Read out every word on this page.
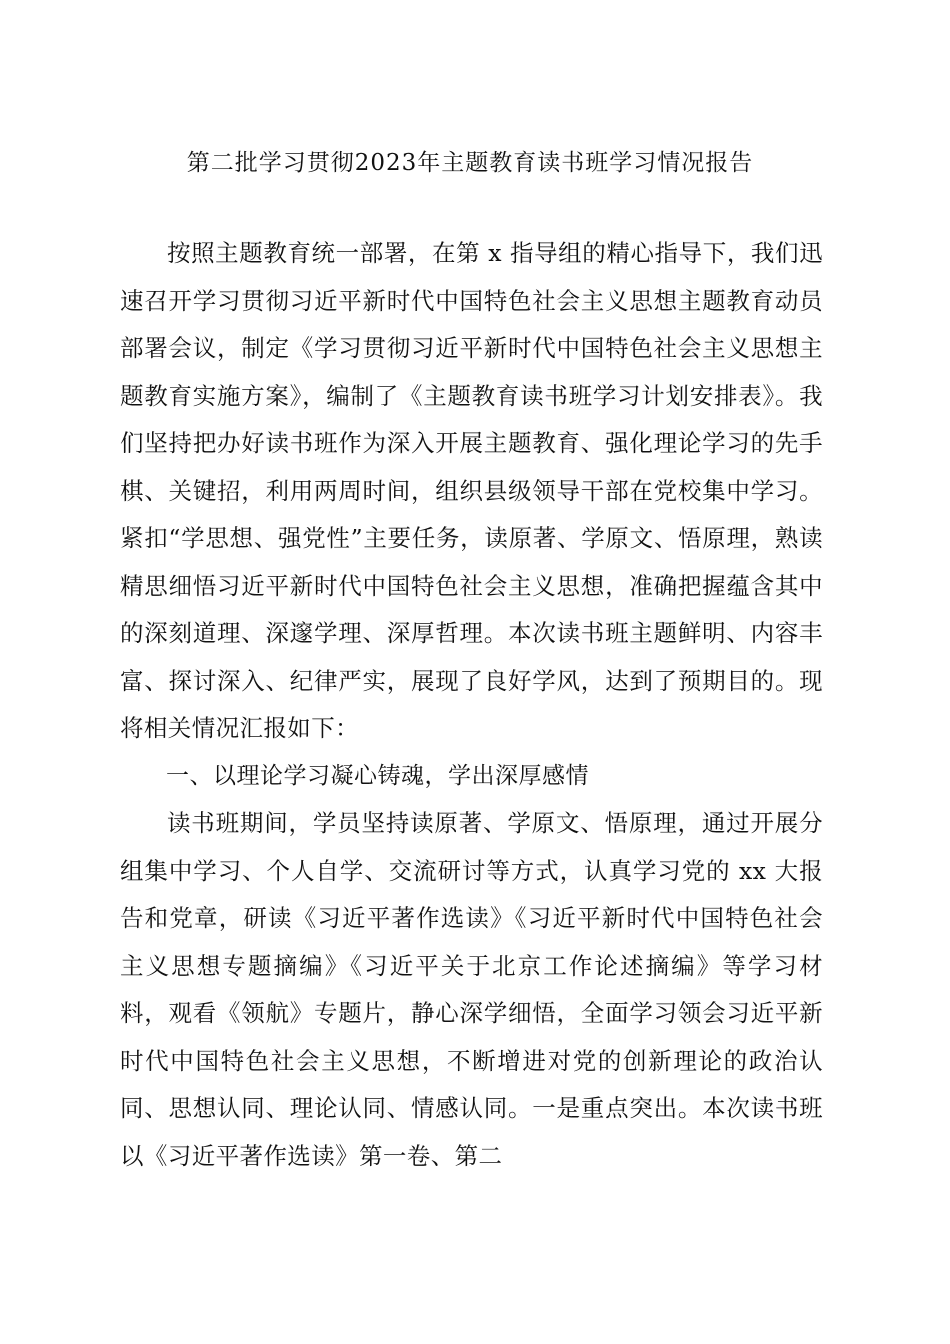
第二批学习贯彻2023年主题教育读书班学习情况报告

按照主题教育统一部署，在第 x 指导组的精心指导下，我们迅速召开学习贯彻习近平新时代中国特色社会主义思想主题教育动员部署会议，制定《学习贯彻习近平新时代中国特色社会主义思想主题教育实施方案》，编制了《主题教育读书班学习计划安排表》。我们坚持把办好读书班作为深入开展主题教育、强化理论学习的先手棋、关键招，利用两周时间，组织县级领导干部在党校集中学习。紧扣“学思想、强党性”主要任务，读原著、学原文、悟原理，熟读精思细悟习近平新时代中国特色社会主义思想，准确把握蕴含其中的深刻道理、深邃学理、深厚哲理。本次读书班主题鲜明、内容丰富、探讨深入、纪律严实，展现了良好学风，达到了预期目的。现将相关情况汇报如下：

一、以理论学习凝心铸魂，学出深厚感情

读书班期间，学员坚持读原著、学原文、悟原理，通过开展分组集中学习、个人自学、交流研讨等方式，认真学习党的 xx 大报告和党章，研读《习近平著作选读》《习近平新时代中国特色社会主义思想专题摘编》《习近平关于北京工作论述摘编》等学习材料，观看《领航》专题片，静心深学细悟，全面学习领会习近平新时代中国特色社会主义思想，不断增进对党的创新理论的政治认同、思想认同、理论认同、情感认同。一是重点突出。本次读书班以《习近平著作选读》第一卷、第二
